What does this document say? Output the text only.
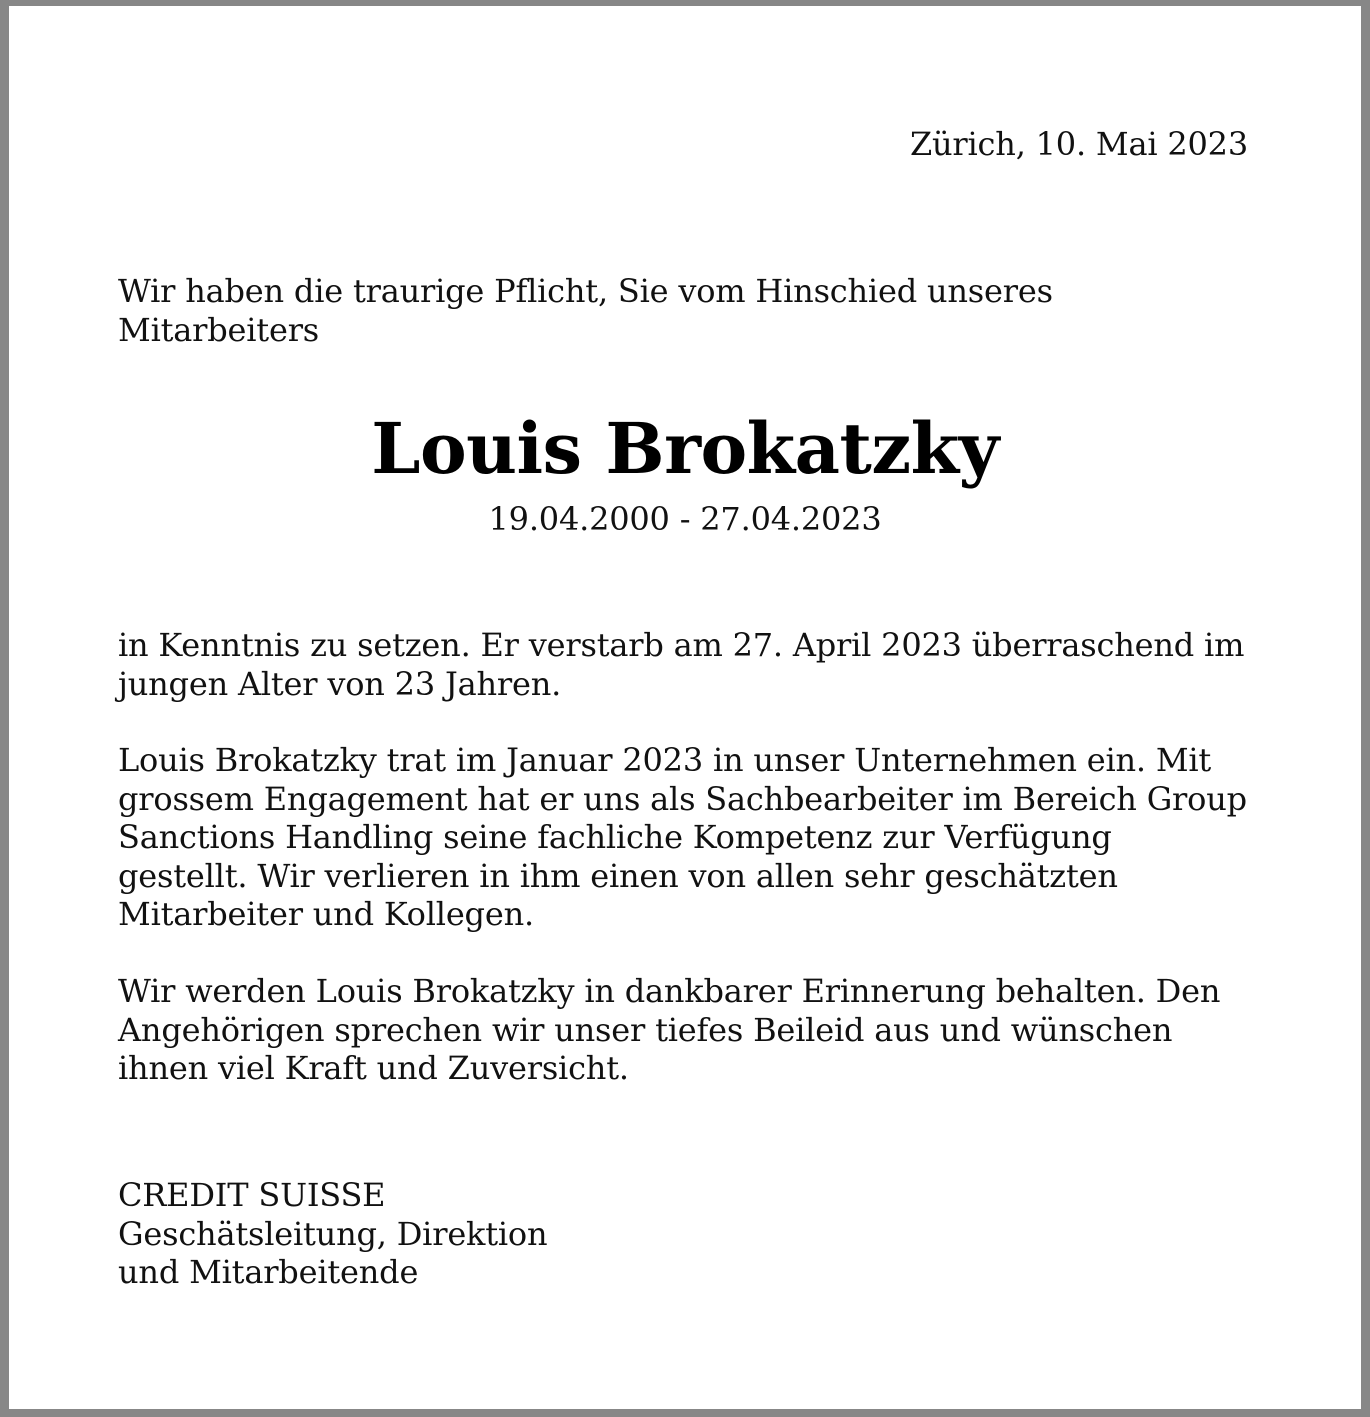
Zürich, 10. Mai 2023

Wir haben die traurige Pflicht, Sie vom Hinschied unseres
Mitarbeiters

Louis Brokatzky

19.04.2000 - 27.04.2023

in Kenntnis zu setzen. Er verstarb am 27. April 2023 überraschend im
jungen Alter von 23 Jahren.

Louis Brokatzky trat im Januar 2023 in unser Unternehmen ein. Mit
grossem Engagement hat er uns als Sachbearbeiter im Bereich Group
Sanctions Handling seine fachliche Kompetenz zur Verfügung
gestellt. Wir verlieren in ihm einen von allen sehr geschätzten
Mitarbeiter und Kollegen.

Wir werden Louis Brokatzky in dankbarer Erinnerung behalten. Den
Angehörigen sprechen wir unser tiefes Beileid aus und wünschen
ihnen viel Kraft und Zuversicht.

CREDIT SUISSE
Geschätsleitung, Direktion
und Mitarbeitende
